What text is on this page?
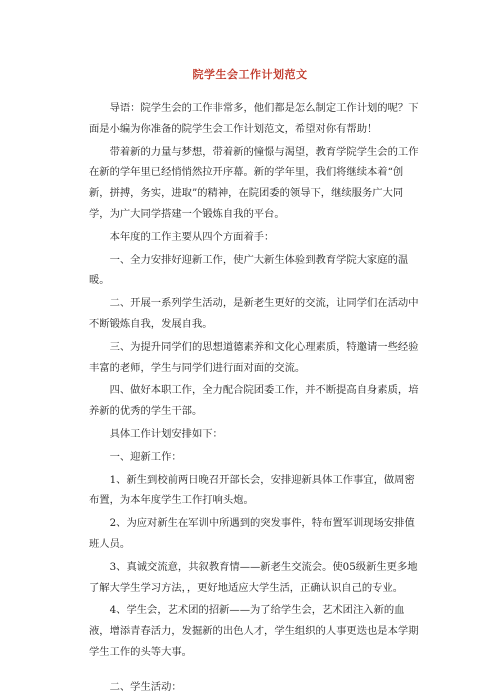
院学生会工作计划范文

导语：院学生会的工作非常多，他们都是怎么制定工作计划的呢？下面是小编为你准备的院学生会工作计划范文，希望对你有帮助！

带着新的力量与梦想，带着新的憧憬与渴望，教育学院学生会的工作在新的学年里已经悄悄然拉开序幕。新的学年里，我们将继续本着“创新，拼搏，务实，进取”的精神，在院团委的领导下，继续服务广大同学，为广大同学搭建一个锻炼自我的平台。

本年度的工作主要从四个方面着手：

一、全力安排好迎新工作，使广大新生体验到教育学院大家庭的温暖。

二、开展一系列学生活动，是新老生更好的交流，让同学们在活动中不断锻炼自我，发展自我。

三、为提升同学们的思想道德素养和文化心理素质，特邀请一些经验丰富的老师，学生与同学们进行面对面的交流。

四、做好本职工作，全力配合院团委工作，并不断提高自身素质，培养新的优秀的学生干部。

具体工作计划安排如下：

一、迎新工作：

1、新生到校前两日晚召开部长会，安排迎新具体工作事宜，做周密布置，为本年度学生工作打响头炮。

2、为应对新生在军训中所遇到的突发事件，特布置军训现场安排值班人员。

3、真诚交流意，共叙教育情——新老生交流会。使05级新生更多地了解大学生学习方法，，更好地适应大学生活，正确认识自己的专业。

4、学生会，艺术团的招新——为了给学生会，艺术团注入新的血液，增添青春活力，发掘新的出色人才，学生组织的人事更迭也是本学期学生工作的头等大事。

二、学生活动：
